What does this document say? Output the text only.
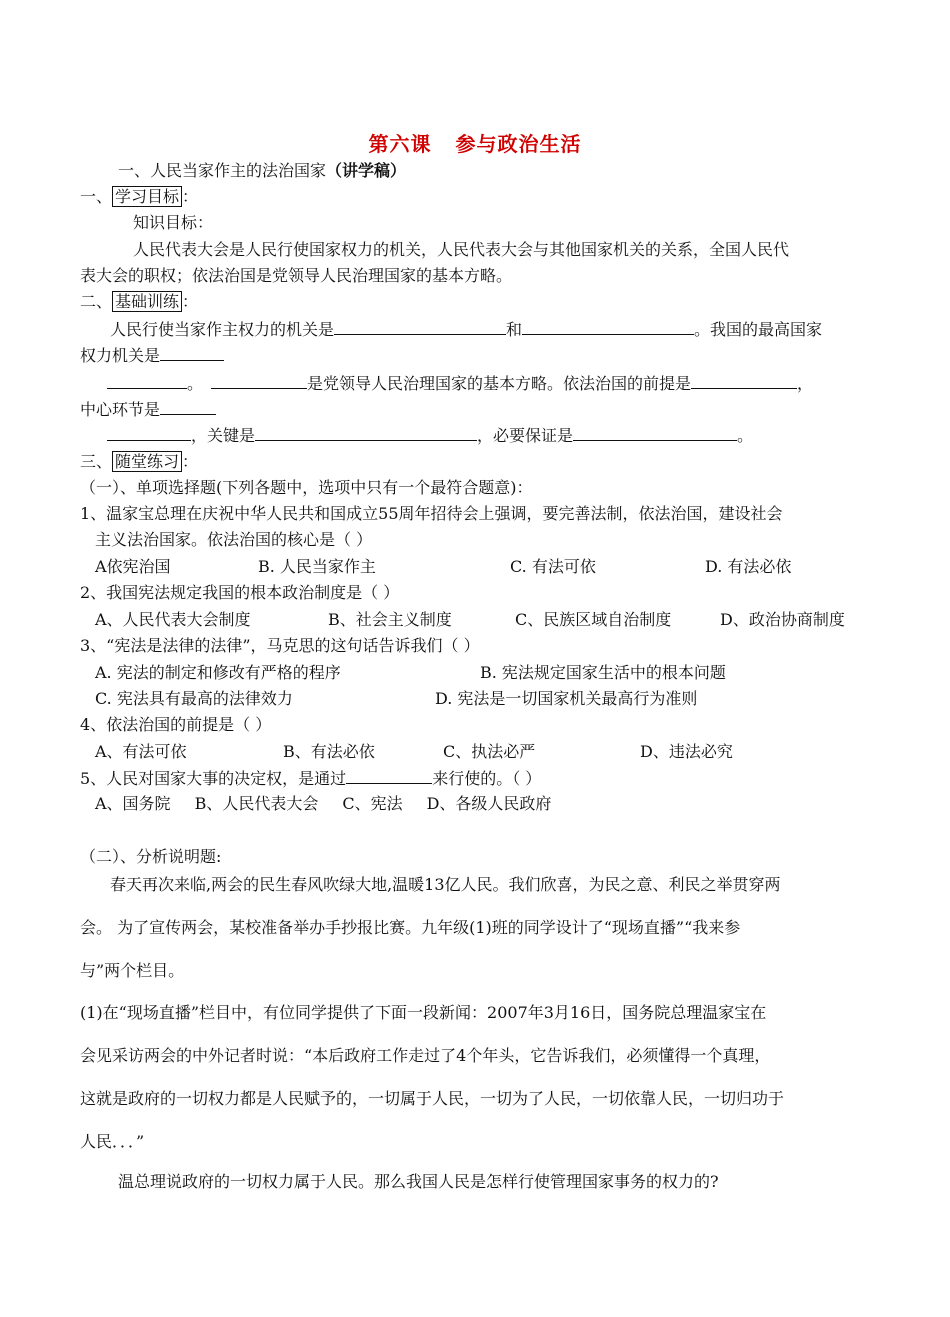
第六课 参与政治生活
一、人民当家作主的法治国家（讲学稿）
一、 学习目标 ：
知识目标：
人民代表大会是人民行使国家权力的机关，人民代表大会与其他国家机关的关系，全国人民代
表大会的职权；依法治国是党领导人民治理国家的基本方略。
二、 基础训练 ：
人民行使当家作主权力的机关是	和	。我国的最高国家
权力机关是
。	是党领导人民治理国家的基本方略。依法治国的前提是	，
中心环节是
，关键是	，必要保证是	。
三、 随堂练习 ：
（一）、单项选择题(下列各题中，选项中只有一个最符合题意)：
1、温家宝总理在庆祝中华人民共和国成立55周年招待会上强调，要完善法制，依法治国，建设社会
主义法治国家。依法治国的核心是（ ）
A依宪治国	B. 人民当家作主	C. 有法可依	D. 有法必依
2、我国宪法规定我国的根本政治制度是（ ）
A、人民代表大会制度	B、社会主义制度	C、民族区域自治制度	D、政治协商制度
3、“宪法是法律的法律”，马克思的这句话告诉我们（ ）
A. 宪法的制定和修改有严格的程序	B. 宪法规定国家生活中的根本问题
C. 宪法具有最高的法律效力	D. 宪法是一切国家机关最高行为准则
4、依法治国的前提是（ ）
A、有法可依	B、有法必依	C、执法必严	D、违法必究
5、人民对国家大事的决定权，是通过	来行使的。（ ）
A、国务院 B、人民代表大会 C、宪法 D、各级人民政府
（二）、分析说明题:
春天再次来临,两会的民生春风吹绿大地,温暖13亿人民。我们欣喜，为民之意、利民之举贯穿两
会。 为了宣传两会，某校准备举办手抄报比赛。九年级(1)班的同学设计了“现场直播”“我来参
与”两个栏目。
(1)在“现场直播”栏目中，有位同学提供了下面一段新闻：2007年3月16日，国务院总理温家宝在
会见采访两会的中外记者时说：“本后政府工作走过了4个年头，它告诉我们，必须懂得一个真理，
这就是政府的一切权力都是人民赋予的，一切属于人民，一切为了人民，一切依靠人民，一切归功于
人民．．．”
温总理说政府的一切权力属于人民。那么我国人民是怎样行使管理国家事务的权力的?
